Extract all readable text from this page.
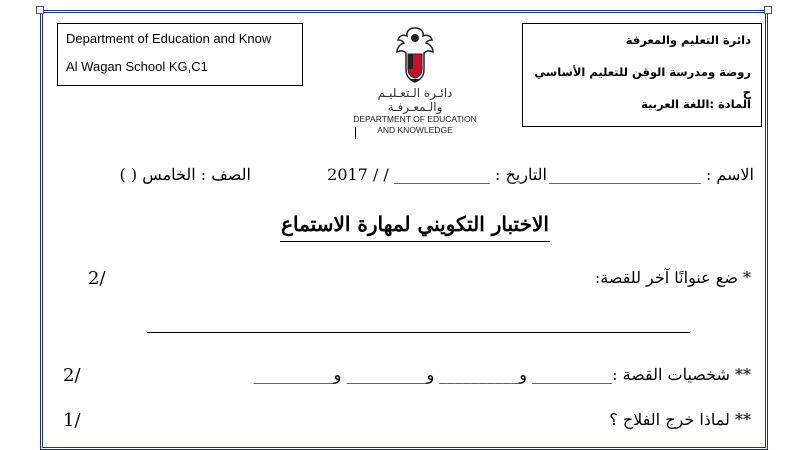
Department of Education and Know
Al Wagan School KG,C1
دائـرة الـتعـليـم والـمعـرفـة
DEPARTMENT OF EDUCATION
AND KNOWLEDGE
دائرة التعليم والمعرفة
روضة ومدرسة الوقن للتعليم الأساسي ح
المادة :اللغة العربية
الاسم : ___________________
التاريخ : ____________ / / 2017
الصف : الخامس ( )
الاختبار التكويني لمهارة الاستماع
* ضع عنوانًا آخر للقصة:
2/
** شخصيات القصة :__________ و__________ و__________ و__________
2/
** لماذا خرج الفلاح ؟
1/
